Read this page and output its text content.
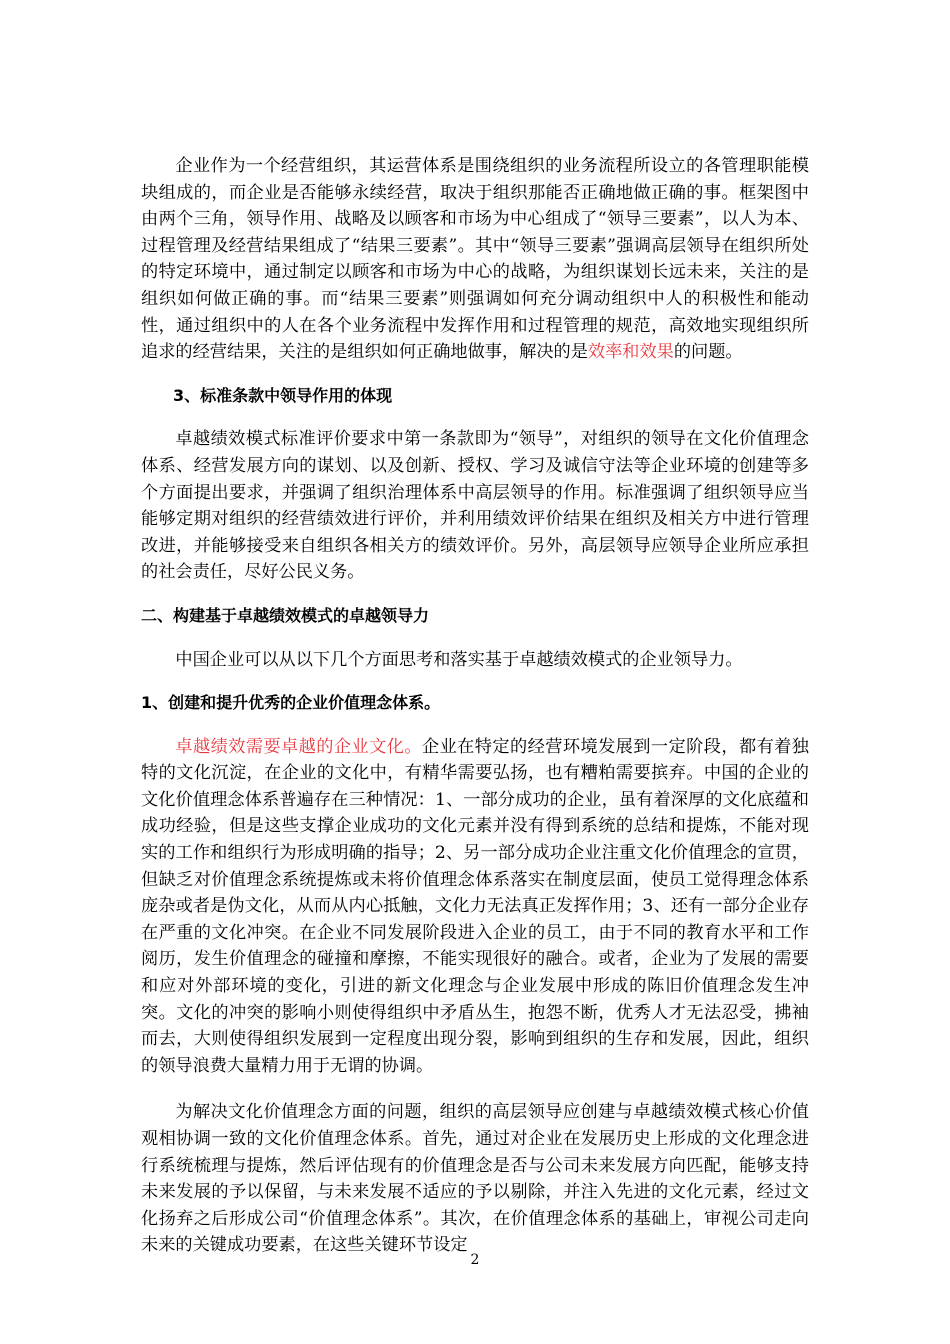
企业作为一个经营组织，其运营体系是围绕组织的业务流程所设立的各管理职能模块组成的，而企业是否能够永续经营，取决于组织那能否正确地做正确的事。框架图中由两个三角，领导作用、战略及以顾客和市场为中心组成了“领导三要素”，以人为本、过程管理及经营结果组成了“结果三要素”。其中“领导三要素”强调高层领导在组织所处的特定环境中，通过制定以顾客和市场为中心的战略，为组织谋划长远未来，关注的是组织如何做正确的事。而“结果三要素”则强调如何充分调动组织中人的积极性和能动性，通过组织中的人在各个业务流程中发挥作用和过程管理的规范，高效地实现组织所追求的经营结果，关注的是组织如何正确地做事，解决的是效率和效果的问题。

3、标准条款中领导作用的体现

卓越绩效模式标准评价要求中第一条款即为“领导”，对组织的领导在文化价值理念体系、经营发展方向的谋划、以及创新、授权、学习及诚信守法等企业环境的创建等多个方面提出要求，并强调了组织治理体系中高层领导的作用。标准强调了组织领导应当能够定期对组织的经营绩效进行评价，并利用绩效评价结果在组织及相关方中进行管理改进，并能够接受来自组织各相关方的绩效评价。另外，高层领导应领导企业所应承担的社会责任，尽好公民义务。

二、构建基于卓越绩效模式的卓越领导力

中国企业可以从以下几个方面思考和落实基于卓越绩效模式的企业领导力。

1、创建和提升优秀的企业价值理念体系。

卓越绩效需要卓越的企业文化。企业在特定的经营环境发展到一定阶段，都有着独特的文化沉淀，在企业的文化中，有精华需要弘扬，也有糟粕需要摈弃。中国的企业的文化价值理念体系普遍存在三种情况：1、一部分成功的企业，虽有着深厚的文化底蕴和成功经验，但是这些支撑企业成功的文化元素并没有得到系统的总结和提炼，不能对现实的工作和组织行为形成明确的指导；2、另一部分成功企业注重文化价值理念的宣贯，但缺乏对价值理念系统提炼或未将价值理念体系落实在制度层面，使员工觉得理念体系庞杂或者是伪文化，从而从内心抵触，文化力无法真正发挥作用；3、还有一部分企业存在严重的文化冲突。在企业不同发展阶段进入企业的员工，由于不同的教育水平和工作阅历，发生价值理念的碰撞和摩擦，不能实现很好的融合。或者，企业为了发展的需要和应对外部环境的变化，引进的新文化理念与企业发展中形成的陈旧价值理念发生冲突。文化的冲突的影响小则使得组织中矛盾丛生，抱怨不断，优秀人才无法忍受，拂袖而去，大则使得组织发展到一定程度出现分裂，影响到组织的生存和发展，因此，组织的领导浪费大量精力用于无谓的协调。

为解决文化价值理念方面的问题，组织的高层领导应创建与卓越绩效模式核心价值观相协调一致的文化价值理念体系。首先，通过对企业在发展历史上形成的文化理念进行系统梳理与提炼，然后评估现有的价值理念是否与公司未来发展方向匹配，能够支持未来发展的予以保留，与未来发展不适应的予以剔除，并注入先进的文化元素，经过文化扬弃之后形成公司“价值理念体系”。其次，在价值理念体系的基础上，审视公司走向未来的关键成功要素，在这些关键环节设定

2
